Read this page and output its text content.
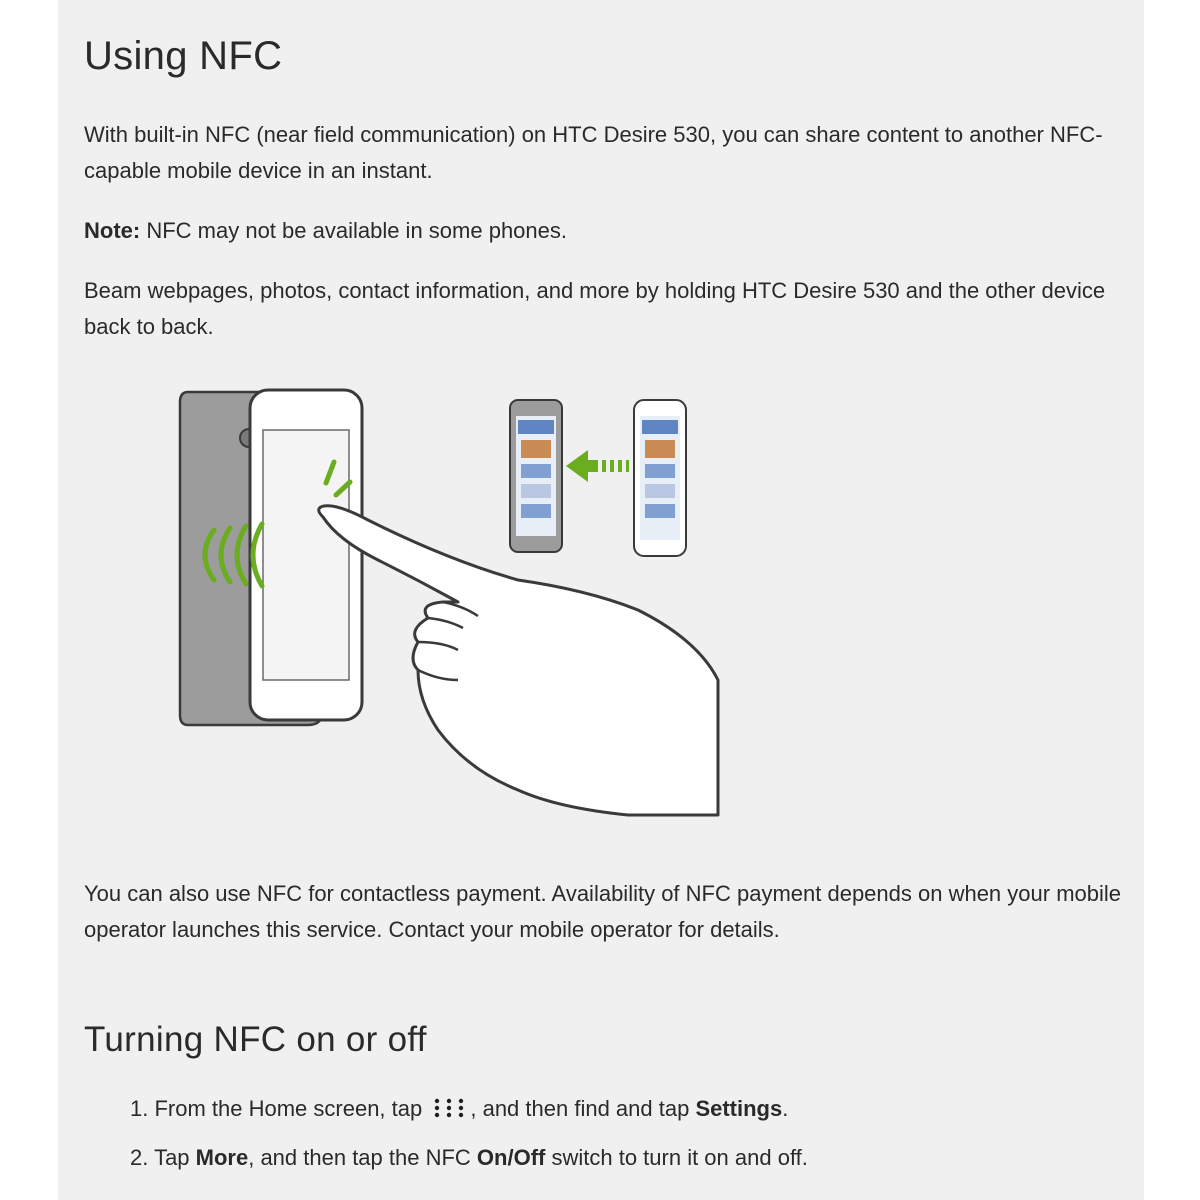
Using NFC

With built-in NFC (near field communication) on HTC Desire 530, you can share content to another NFC-capable mobile device in an instant.

Note: NFC may not be available in some phones.

Beam webpages, photos, contact information, and more by holding HTC Desire 530 and the other device back to back.

You can also use NFC for contactless payment. Availability of NFC payment depends on when your mobile operator launches this service. Contact your mobile operator for details.

Turning NFC on or off
1. From the Home screen, tap , and then find and tap Settings.
2. Tap More, and then tap the NFC On/Off switch to turn it on and off.
